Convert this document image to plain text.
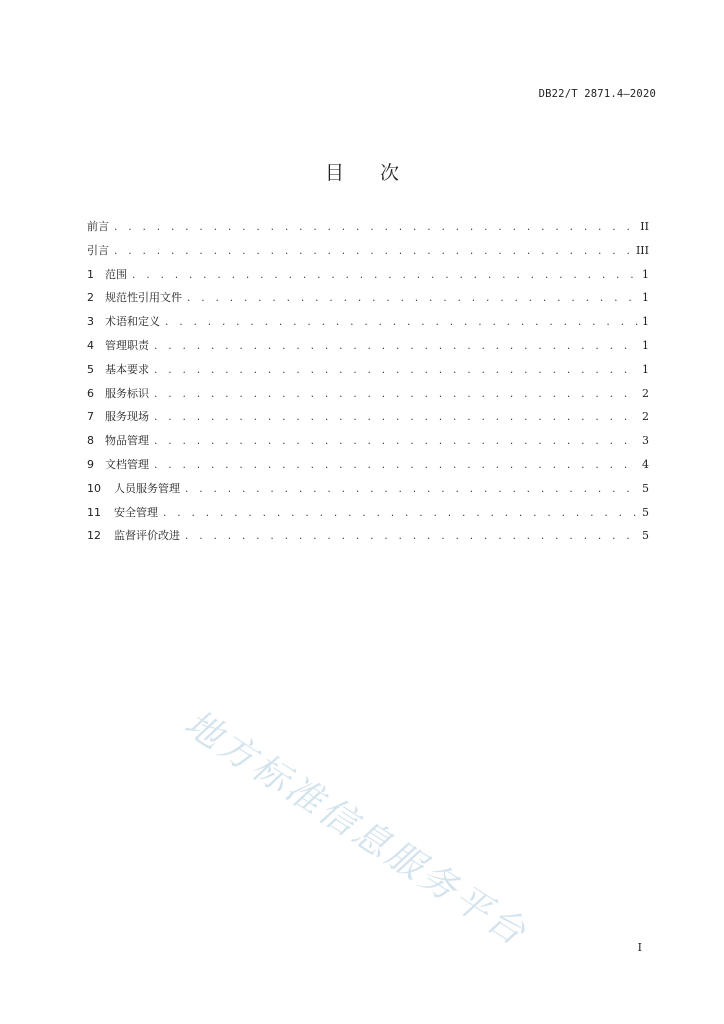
DB22/T 2871.4—2020
目 次
前言 . . .	II
引言 . . .	III
1	范围 . . .	1
2	规范性引用文件 . . .	1
3	术语和定义 . . .	1
4	管理职责 . . .	1
5	基本要求 . . .	1
6	服务标识 . . .	2
7	服务现场 . . .	2
8	物品管理 . . .	3
9	文档管理 . . .	4
10	人员服务管理 . . .	5
11	安全管理 . . .	5
12	监督评价改进 . . .	5
地方标准信息服务平台	I
